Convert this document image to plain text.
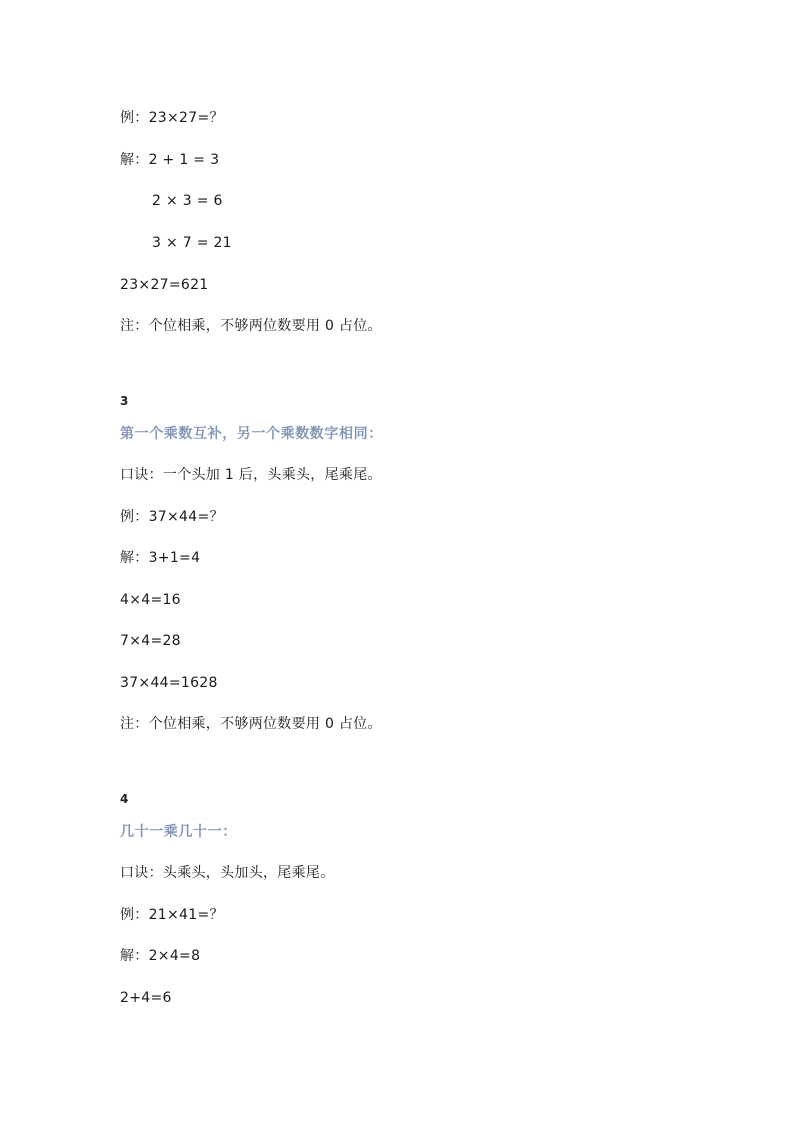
例：23×27=？
解：2 + 1 = 3
2 × 3 = 6
3 × 7 = 21
23×27=621
注：个位相乘，不够两位数要用 0 占位。
3
第一个乘数互补，另一个乘数数字相同：
口诀：一个头加 1 后，头乘头，尾乘尾。
例：37×44=？
解：3+1=4
4×4=16
7×4=28
37×44=1628
注：个位相乘，不够两位数要用 0 占位。
4
几十一乘几十一：
口诀：头乘头，头加头，尾乘尾。
例：21×41=？
解：2×4=8
2+4=6
